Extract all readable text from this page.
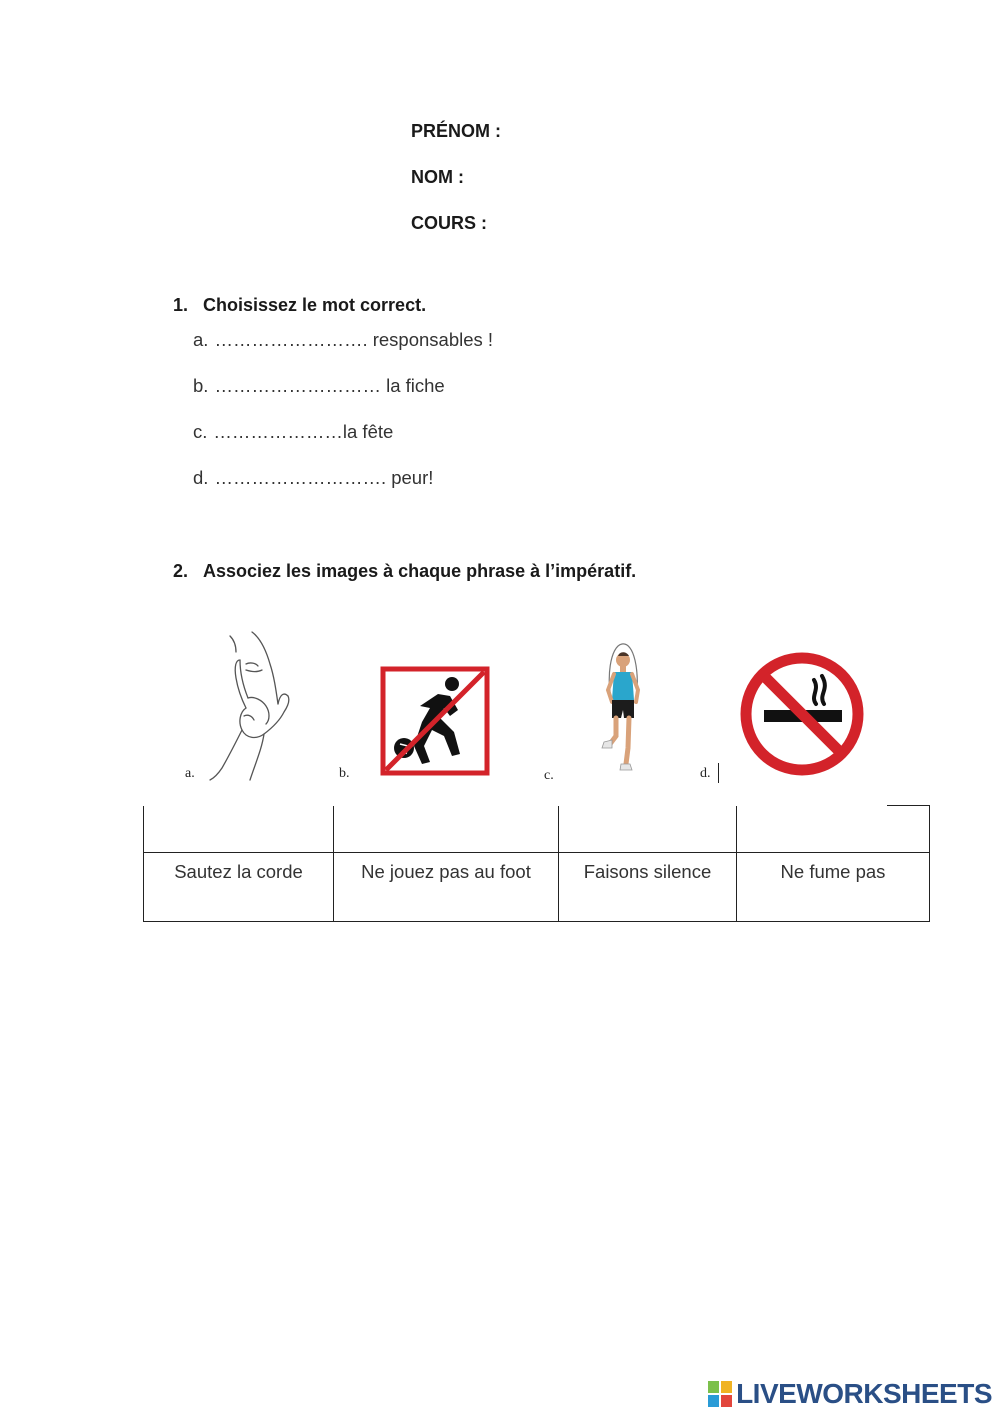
PRÉNOM :
NOM :
COURS :
1. Choisissez le mot correct.
a. ……………………. responsables !
b. ……………………… la fiche
c. …………………la fête
d. ………………………. peur!
2. Associez les images à chaque phrase à l’impératif.
a.	b.	c.	d.

Sautez la corde	Ne jouez pas au foot	Faisons silence	Ne fume pas
LIVEWORKSHEETS
